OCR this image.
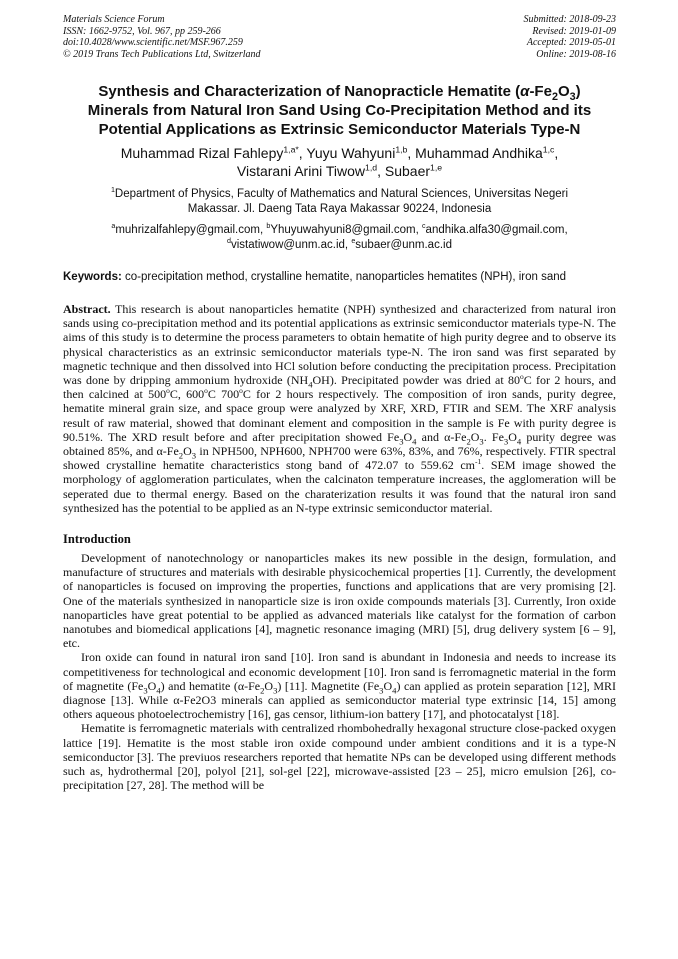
Materials Science Forum
ISSN: 1662-9752, Vol. 967, pp 259-266
doi:10.4028/www.scientific.net/MSF.967.259
© 2019 Trans Tech Publications Ltd, Switzerland
Submitted: 2018-09-23
Revised: 2019-01-09
Accepted: 2019-05-01
Online: 2019-08-16
Synthesis and Characterization of Nanopracticle Hematite $(\alpha-Fe_2O_3)$
Minerals from Natural Iron Sand Using Co-Precipitation Method and its
Potential Applications as Extrinsic Semiconductor Materials Type-N
Muhammad Rizal Fahlepy$^{1,a*}$, Yuyu Wahyuni$^{1,b}$, Muhammad Andhika$^{1,c}$,
Vistarani Arini Tiwow$^{1,d}$, Subaer$^{1,e}$
$^1$Department of Physics, Faculty of Mathematics and Natural Sciences, Universitas Negeri
Makassar. Jl. Daeng Tata Raya Makassar 90224, Indonesia
$^a$muhrizalfahlepy@gmail.com, $^b$Yhuyuwahyuni8@gmail.com, $^c$andhika.alfa30@gmail.com,
$^d$vistatiwow@unm.ac.id, $^e$subaer@unm.ac.id
Keywords: co-precipitation method, crystalline hematite, nanoparticles hematites (NPH), iron sand
Abstract. This research is about nanoparticles hematite (NPH) synthesized and characterized from natural iron sands using co-precipitation method and its potential applications as extrinsic semiconductor materials type-N. The aims of this study is to determine the process parameters to obtain hematite of high purity degree and to observe its physical characteristics as an extrinsic semiconductor materials type-N. The iron sand was first separated by magnetic technique and then dissolved into HCl solution before conducting the precipitation process. Precipitation was done by dripping ammonium hydroxide $(NH_4OH)$. Precipitated powder was dried at 80$^o$C for 2 hours, and then calcined at 500$^o$C, 600$^o$C 700$^o$C for 2 hours respectively. The composition of iron sands, purity degree, hematite mineral grain size, and space group were analyzed by XRF, XRD, FTIR and SEM. The XRF analysis result of raw material, showed that dominant element and composition in the sample is Fe with purity degree is 90.51%. The XRD result before and after precipitation showed $Fe_3O_4$ and $\alpha-Fe_2O_3$. $Fe_3O_4$ purity degree was obtained 85%, and $\alpha-Fe_2O_3$ in NPH500, NPH600, NPH700 were 63%, 83%, and 76%, respectively. FTIR spectral showed crystalline hematite characteristics stong band of 472.07 to 559.62 $cm^{-1}$. SEM image showed the morphology of agglomeration particulates, when the calcinaton temperature increases, the agglomeration will be seperated due to thermal energy. Based on the charaterization results it was found that the natural iron sand synthesized has the potential to be applied as an N-type extrinsic semiconductor material.
Introduction

Development of nanotechnology or nanoparticles makes its new possible in the design, formulation, and manufacture of structures and materials with desirable physicochemical properties [1]. Currently, the development of nanoparticles is focused on improving the properties, functions and applications that are very promising [2]. One of the materials synthesized in nanoparticle size is iron oxide compounds materials [3]. Currently, Iron oxide nanoparticles have great potential to be applied as advanced materials like catalyst for the formation of carbon nanotubes and biomedical applications [4], magnetic resonance imaging (MRI) [5], drug delivery system [6 – 9], etc.

Iron oxide can found in natural iron sand [10]. Iron sand is abundant in Indonesia and needs to increase its competitiveness for technological and economic development [10]. Iron sand is ferromagnetic material in the form of magnetite $(Fe_3O_4)$ and hematite $(\alpha-Fe_2O_3)$ [11]. Magnetite $(Fe_3O_4)$ can applied as protein separation [12], MRI diagnose [13]. While α-Fe2O3 minerals can applied as semiconductor material type extrinsic [14, 15] among others aqueous photoelectrochemistry [16], gas censor, lithium-ion battery [17], and photocatalyst [18].

Hematite is ferromagnetic materials with centralized rhombohedrally hexagonal structure close-packed oxygen lattice [19]. Hematite is the most stable iron oxide compound under ambient conditions and it is a type-N semiconductor [3]. The previuos researchers reported that hematite NPs can be developed using different methods such as, hydrothermal [20], polyol [21], sol-gel [22], microwave-assisted [23 – 25], micro emulsion [26], co-precipitation [27, 28]. The method will be
